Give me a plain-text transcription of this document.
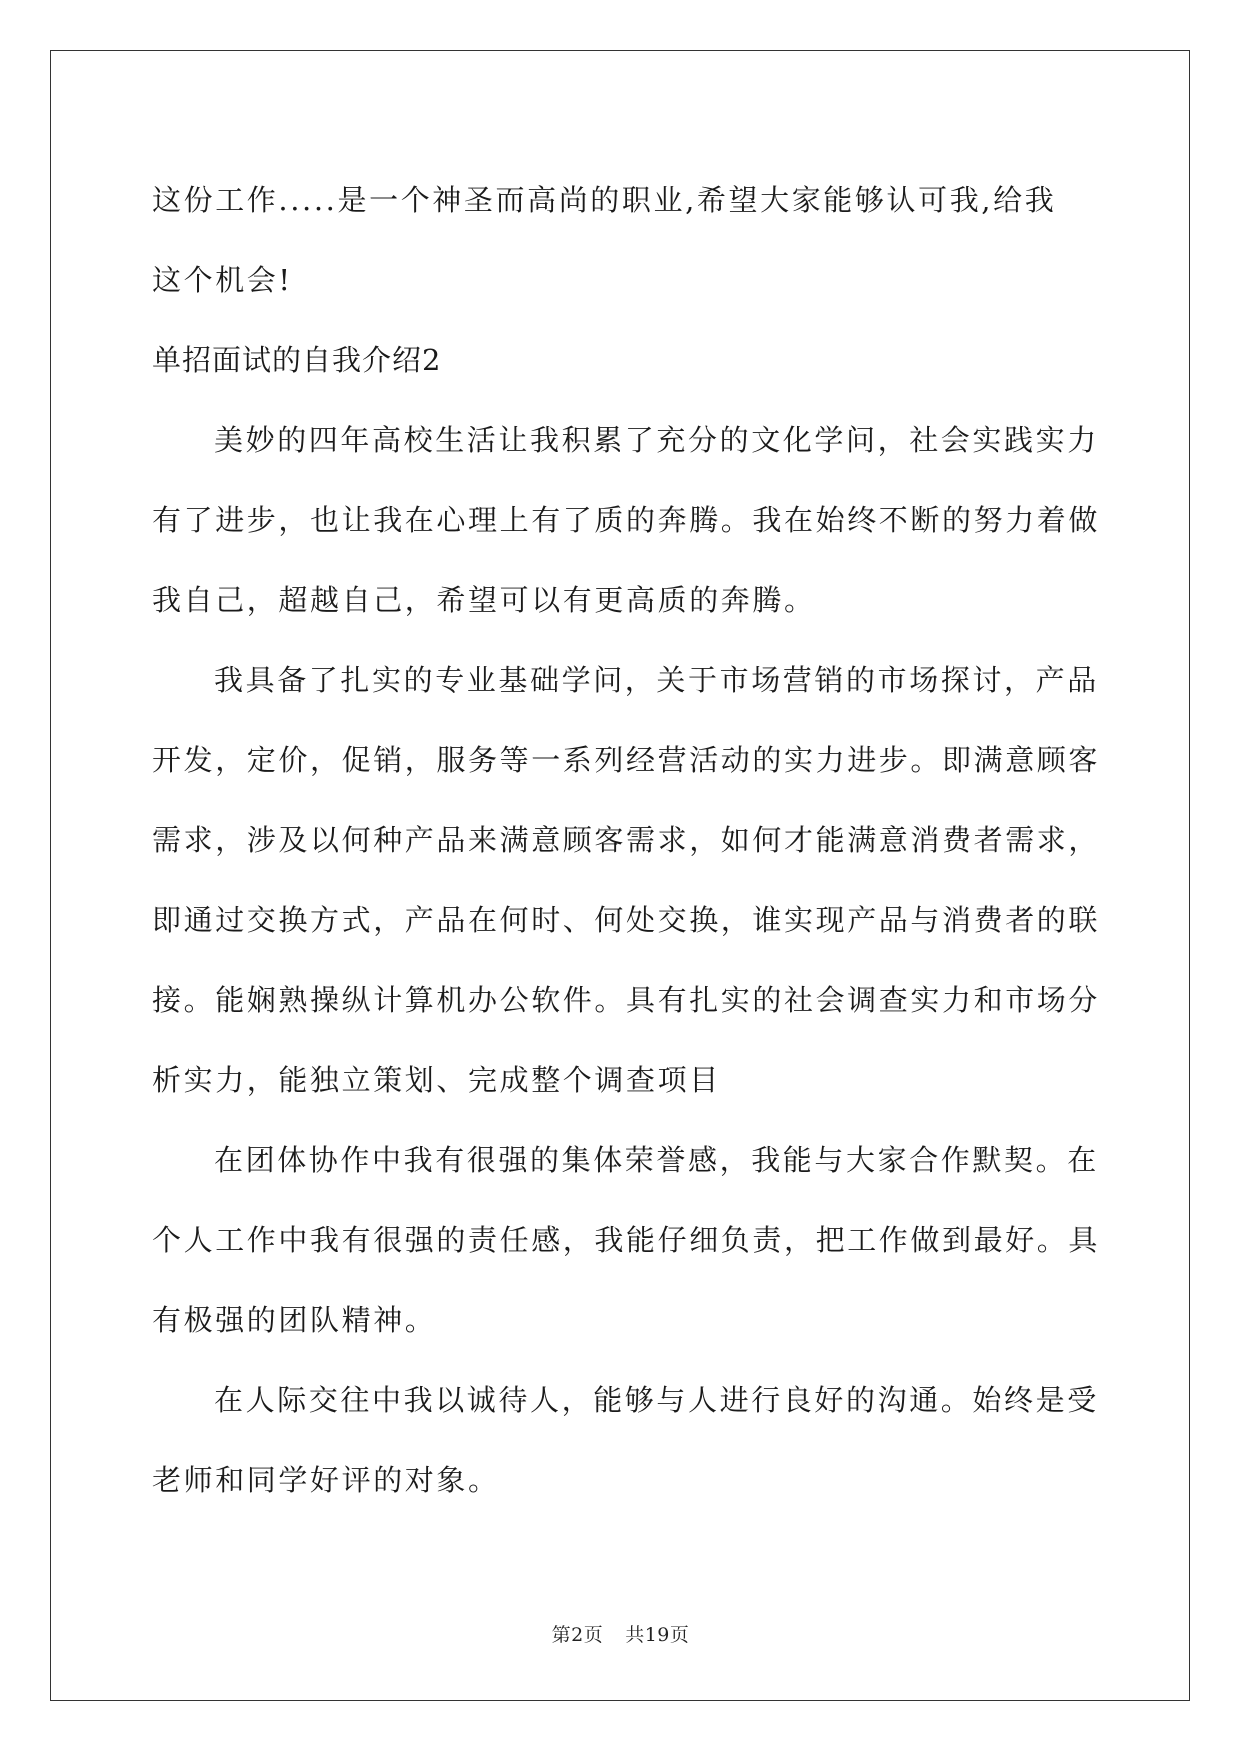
这份工作.....是一个神圣而高尚的职业,希望大家能够认可我,给我
这个机会!
单招面试的自我介绍2
美妙的四年高校生活让我积累了充分的文化学问，社会实践实力
有了进步，也让我在心理上有了质的奔腾。我在始终不断的努力着做
我自己，超越自己，希望可以有更高质的奔腾。
我具备了扎实的专业基础学问，关于市场营销的市场探讨，产品
开发，定价，促销，服务等一系列经营活动的实力进步。即满意顾客
需求，涉及以何种产品来满意顾客需求，如何才能满意消费者需求，
即通过交换方式，产品在何时、何处交换，谁实现产品与消费者的联
接。能娴熟操纵计算机办公软件。具有扎实的社会调查实力和市场分
析实力，能独立策划、完成整个调查项目
在团体协作中我有很强的集体荣誉感，我能与大家合作默契。在
个人工作中我有很强的责任感，我能仔细负责，把工作做到最好。具
有极强的团队精神。
在人际交往中我以诚待人，能够与人进行良好的沟通。始终是受
老师和同学好评的对象。
第2页 共19页
